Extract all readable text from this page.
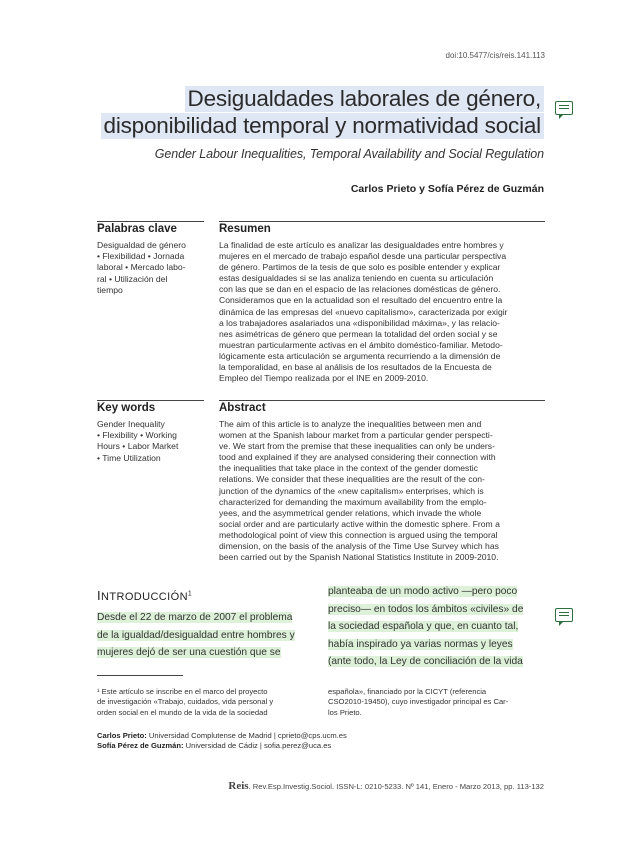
doi:10.5477/cis/reis.141.113
Desigualdades laborales de género,
disponibilidad temporal y normatividad social
Gender Labour Inequalities, Temporal Availability and Social Regulation
Carlos Prieto y Sofía Pérez de Guzmán
Palabras clave
Desigualdad de género
• Flexibilidad • Jornada
laboral • Mercado labo-
ral • Utilización del
tiempo
Resumen
La finalidad de este artículo es analizar las desigualdades entre hombres y
mujeres en el mercado de trabajo español desde una particular perspectiva
de género. Partimos de la tesis de que solo es posible entender y explicar
estas desigualdades si se las analiza teniendo en cuenta su articulación
con las que se dan en el espacio de las relaciones domésticas de género.
Consideramos que en la actualidad son el resultado del encuentro entre la
dinámica de las empresas del «nuevo capitalismo», caracterizada por exigir
a los trabajadores asalariados una «disponibilidad máxima», y las relacio-
nes asimétricas de género que permean la totalidad del orden social y se
muestran particularmente activas en el ámbito doméstico-familiar. Metodo-
lógicamente esta articulación se argumenta recurriendo a la dimensión de
la temporalidad, en base al análisis de los resultados de la Encuesta de
Empleo del Tiempo realizada por el INE en 2009-2010.
Key words
Gender Inequality
• Flexibility • Working
Hours • Labor Market
• Time Utilization
Abstract
The aim of this article is to analyze the inequalities between men and
women at the Spanish labour market from a particular gender perspecti-
ve. We start from the premise that these inequalities can only be unders-
tood and explained if they are analysed considering their connection with
the inequalities that take place in the context of the gender domestic
relations. We consider that these inequalities are the result of the con-
junction of the dynamics of the «new capitalism» enterprises, which is
characterized for demanding the maximum availability from the emplo-
yees, and the asymmetrical gender relations, which invade the whole
social order and are particularly active within the domestic sphere. From a
methodological point of view this connection is argued using the temporal
dimension, on the basis of the analysis of the Time Use Survey which has
been carried out by the Spanish National Statistics Institute in 2009-2010.
INTRODUCCIÓN$^1$
Desde el 22 de marzo de 2007 el problema
de la igualdad/desigualdad entre hombres y
mujeres dejó de ser una cuestión que se
planteaba de un modo activo —pero poco
preciso— en todos los ámbitos «civiles» de
la sociedad española y que, en cuanto tal,
había inspirado ya varias normas y leyes
(ante todo, la Ley de conciliación de la vida
¹ Este artículo se inscribe en el marco del proyecto
de investigación «Trabajo, cuidados, vida personal y
orden social en el mundo de la vida de la sociedad
española», financiado por la CICYT (referencia
CSO2010-19450), cuyo investigador principal es Car-
los Prieto.
Carlos Prieto: Universidad Complutense de Madrid | cprieto@cps.ucm.es
Sofía Pérez de Guzmán: Universidad de Cádiz | sofia.perez@uca.es
Reis. Rev.Esp.Investig.Sociol. ISSN-L: 0210-5233. Nº 141, Enero - Marzo 2013, pp. 113-132
